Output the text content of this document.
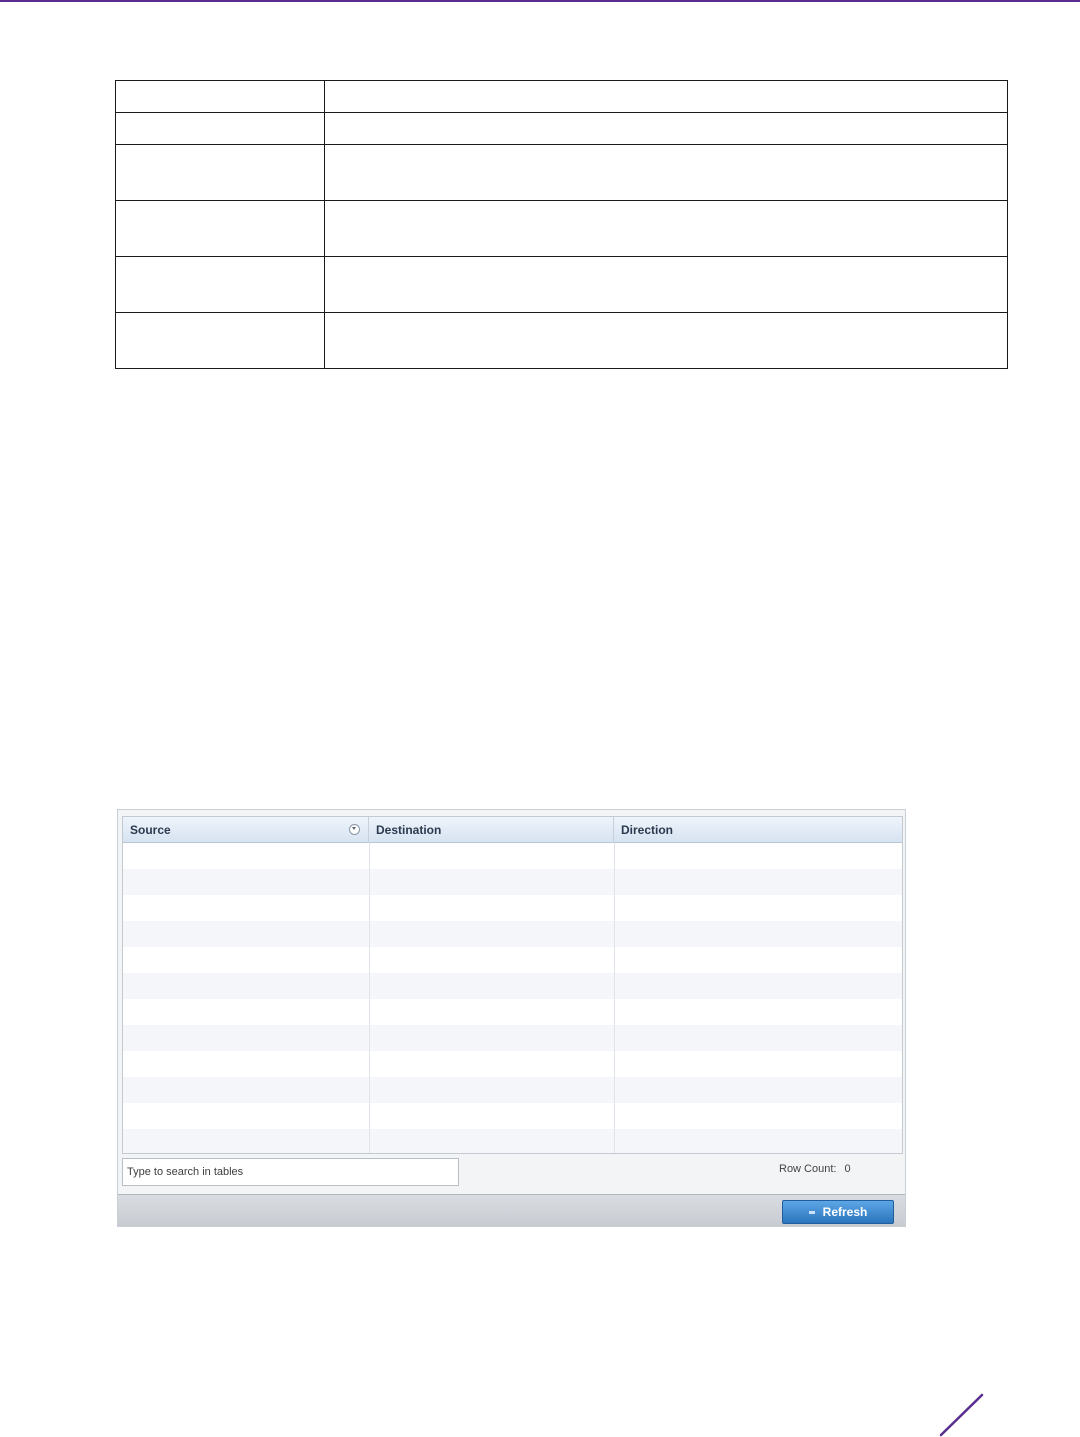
Source	Destination	Direction
Type to search in tables
Row Count: 0
Refresh
